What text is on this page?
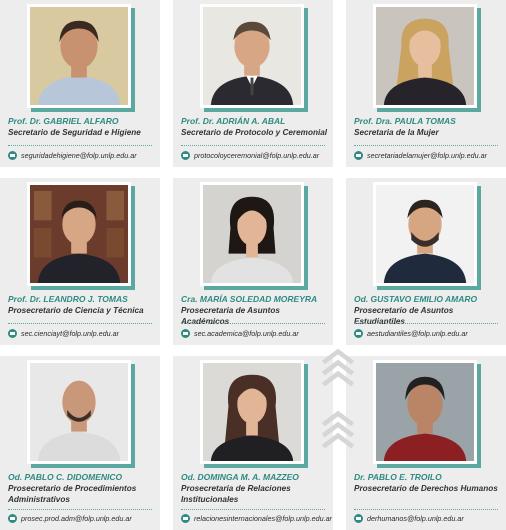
Prof. Dr. GABRIEL ALFARO
Secretario de Seguridad e Higiene
seguridadehigiene@folp.unlp.edu.ar
Prof. Dr. ADRIÁN A. ABAL
Secretario de Protocolo y Ceremonial
protocoloyceremonial@folp.unlp.edu.ar
Prof. Dra. PAULA TOMAS
Secretaria de la Mujer
secretariadelamujer@folp.unlp.edu.ar
Prof. Dr. LEANDRO J. TOMAS
Prosecretario de Ciencia y Técnica
sec.cienciayt@folp.unlp.edu.ar
Cra. MARÍA SOLEDAD MOREYRA
Prosecretaria de Asuntos Académicos
sec.academica@folp.unlp.edu.ar
Od. GUSTAVO EMILIO AMARO
Prosecretario de Asuntos Estudiantiles
aestudiantiles@folp.unlp.edu.ar
Od. PABLO C. DIDOMENICO
Prosecretario de Procedimientos Administrativos
prosec.prod.adm@folp.unlp.edu.ar
Od. DOMINGA M. A. MAZZEO
Prosecretaria de Relaciones Institucionales
relacionesinternacionales@folp.unlp.edu.ar
Dr. PABLO E. TROILO
Prosecretario de Derechos Humanos
derhumanos@folp.unlp.edu.ar
